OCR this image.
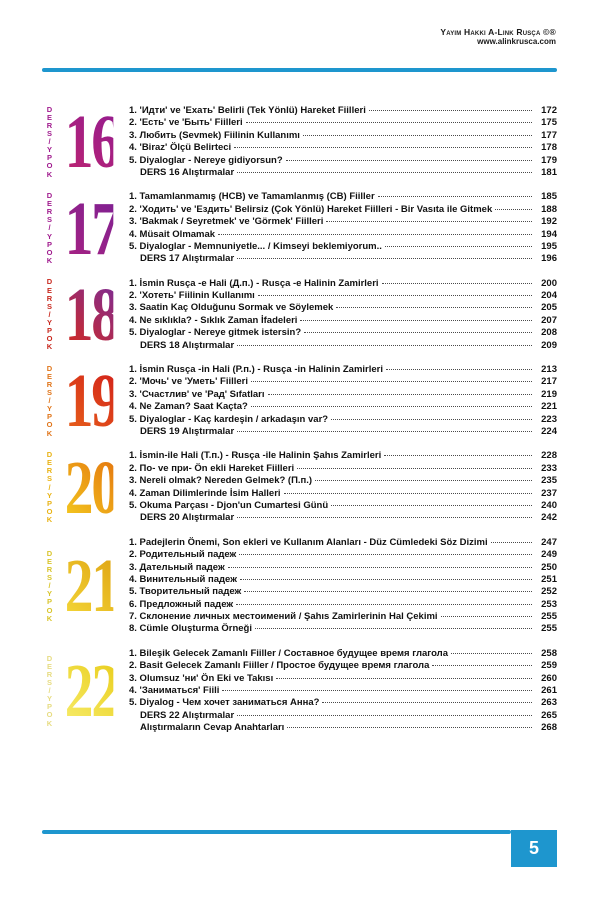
Yayım Hakkı A-Link Rusça ©®
www.alinkrusca.com
D
E
R
S
/
Y
P
O
K 16 1. 'Идти' ve 'Ехать' Belirli (Tek Yönlü) Hareket Fiilleri	172
2. 'Есть' ve 'Быть' Fiilleri	175
3. Любить (Sevmek) Fiilinin Kullanımı	177
4. 'Biraz' Ölçü Belirteci	178
5. Diyaloglar - Nereye gidiyorsun?	179
DERS 16 Alıştırmalar	181
D
E
R
S
/
Y
P
O
K 17 1. Tamamlanmamış (НСВ) ve Tamamlanmış (СВ) Fiiller	185
2. 'Ходить' ve 'Ездить' Belirsiz (Çok Yönlü) Hareket Fiilleri - Bir Vasıta ile Gitmek	188
3. 'Bakmak / Seyretmek' ve 'Görmek' Fiilleri	192
4. Müsait Olmamak	194
5. Diyaloglar - Memnuniyetle... / Kimseyi beklemiyorum..	195
DERS 17 Alıştırmalar	196
D
E
R
S
/
Y
P
O
K 18 1. İsmin Rusça -e Hali (Д.п.) - Rusça -e Halinin Zamirleri	200
2. 'Хотеть' Fiilinin Kullanımı	204
3. Saatin Kaç Olduğunu Sormak ve Söylemek	205
4. Ne sıklıkla? - Sıklık Zaman İfadeleri	207
5. Diyaloglar - Nereye gitmek istersin?	208
DERS 18 Alıştırmalar	209
D
E
R
S
/
Y
P
O
K 19 1. İsmin Rusça -in Hali (Р.п.) - Rusça -in Halinin Zamirleri	213
2. 'Мочь' ve 'Уметь' Fiilleri	217
3. 'Счастлив' ve 'Рад' Sıfatları	219
4. Ne Zaman? Saat Kaçta?	221
5. Diyaloglar - Kaç kardeşin / arkadaşın var?	223
DERS 19 Alıştırmalar	224
D
E
R
S
/
Y
P
O
K 20 1. İsmin-ile Hali (Т.п.) - Rusça -ile Halinin Şahıs Zamirleri	228
2. По- ve при- Ön ekli Hareket Fiilleri	233
3. Nereli olmak? Nereden Gelmek? (П.п.)	235
4. Zaman Dilimlerinde İsim Halleri	237
5. Okuma Parçası - Djon'un Cumartesi Günü	240
DERS 20 Alıştırmalar	242
D
E
R
S
/
Y
P
O
K 21
1. Padejlerin Önemi, Son ekleri ve Kullanım Alanları - Düz Cümledeki Söz Dizimi	247
2. Родительный падеж	249
3. Дательный падеж	250
4. Винительный падеж	251
5. Творительный падеж	252
6. Предложный падеж	253
7. Склонение личных местоимений / Şahıs Zamirlerinin Hal Çekimi	255
8. Cümle Oluşturma Örneği	255
D
E
R
S
/
Y
P
O
K 22 1. Bileşik Gelecek Zamanlı Fiiller / Составное будущее время глагола	258
2. Basit Gelecek Zamanlı Fiiller / Простое будущее время глагола	259
3. Olumsuz 'ни' Ön Eki ve Takısı	260
4. 'Заниматься' Fiili	261
5. Diyalog - Чем хочет заниматься Анна?	263
DERS 22 Alıştırmalar	265
Alıştırmaların Cevap Anahtarları	268
5
